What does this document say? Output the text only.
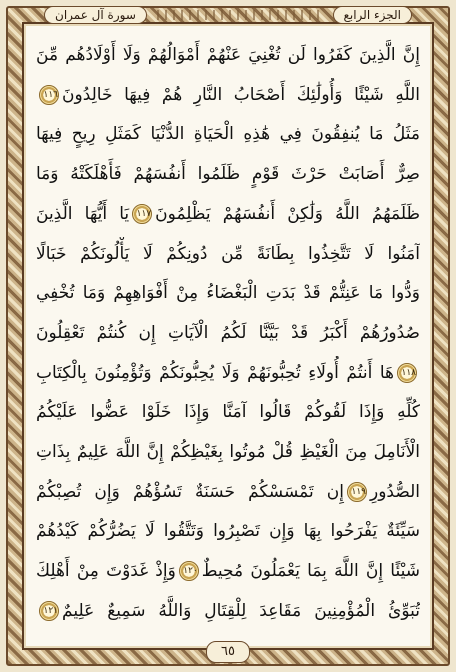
سورة آل عمران	الجزء الرابع
إِنَّ الَّذِينَ كَفَرُوا لَن تُغْنِيَ عَنْهُمْ أَمْوَالُهُمْ وَلَا أَوْلَادُهُم مِّنَ
اللَّهِ شَيْئًا وَأُولَٰئِكَ أَصْحَابُ النَّارِ هُمْ فِيهَا خَالِدُونَ١١٦
مَثَلُ مَا يُنفِقُونَ فِي هَٰذِهِ الْحَيَاةِ الدُّنْيَا كَمَثَلِ رِيحٍ فِيهَا
صِرٌّ أَصَابَتْ حَرْثَ قَوْمٍ ظَلَمُوا أَنفُسَهُمْ فَأَهْلَكَتْهُ وَمَا
ظَلَمَهُمُ اللَّهُ وَلَٰكِنْ أَنفُسَهُمْ يَظْلِمُونَ١١٧يَا أَيُّهَا الَّذِينَ
آمَنُوا لَا تَتَّخِذُوا بِطَانَةً مِّن دُونِكُمْ لَا يَأْلُونَكُمْ خَبَالًا
وَدُّوا مَا عَنِتُّمْ قَدْ بَدَتِ الْبَغْضَاءُ مِنْ أَفْوَاهِهِمْ وَمَا تُخْفِي
صُدُورُهُمْ أَكْبَرُ قَدْ بَيَّنَّا لَكُمُ الْآيَاتِ إِن كُنتُمْ تَعْقِلُونَ
١١٨هَا أَنتُمْ أُولَاءِ تُحِبُّونَهُمْ وَلَا يُحِبُّونَكُمْ وَتُؤْمِنُونَ بِالْكِتَابِ
كُلِّهِ وَإِذَا لَقُوكُمْ قَالُوا آمَنَّا وَإِذَا خَلَوْا عَضُّوا عَلَيْكُمُ
الْأَنَامِلَ مِنَ الْغَيْظِ قُلْ مُوتُوا بِغَيْظِكُمْ إِنَّ اللَّهَ عَلِيمٌ بِذَاتِ
الصُّدُورِ١١٩إِن تَمْسَسْكُمْ حَسَنَةٌ تَسُؤْهُمْ وَإِن تُصِبْكُمْ
سَيِّئَةٌ يَفْرَحُوا بِهَا وَإِن تَصْبِرُوا وَتَتَّقُوا لَا يَضُرُّكُمْ كَيْدُهُمْ
شَيْئًا إِنَّ اللَّهَ بِمَا يَعْمَلُونَ مُحِيطٌ١٢٠وَإِذْ غَدَوْتَ مِنْ أَهْلِكَ
تُبَوِّئُ الْمُؤْمِنِينَ مَقَاعِدَ لِلْقِتَالِ وَاللَّهُ سَمِيعٌ عَلِيمٌ١٢١
٦٥
